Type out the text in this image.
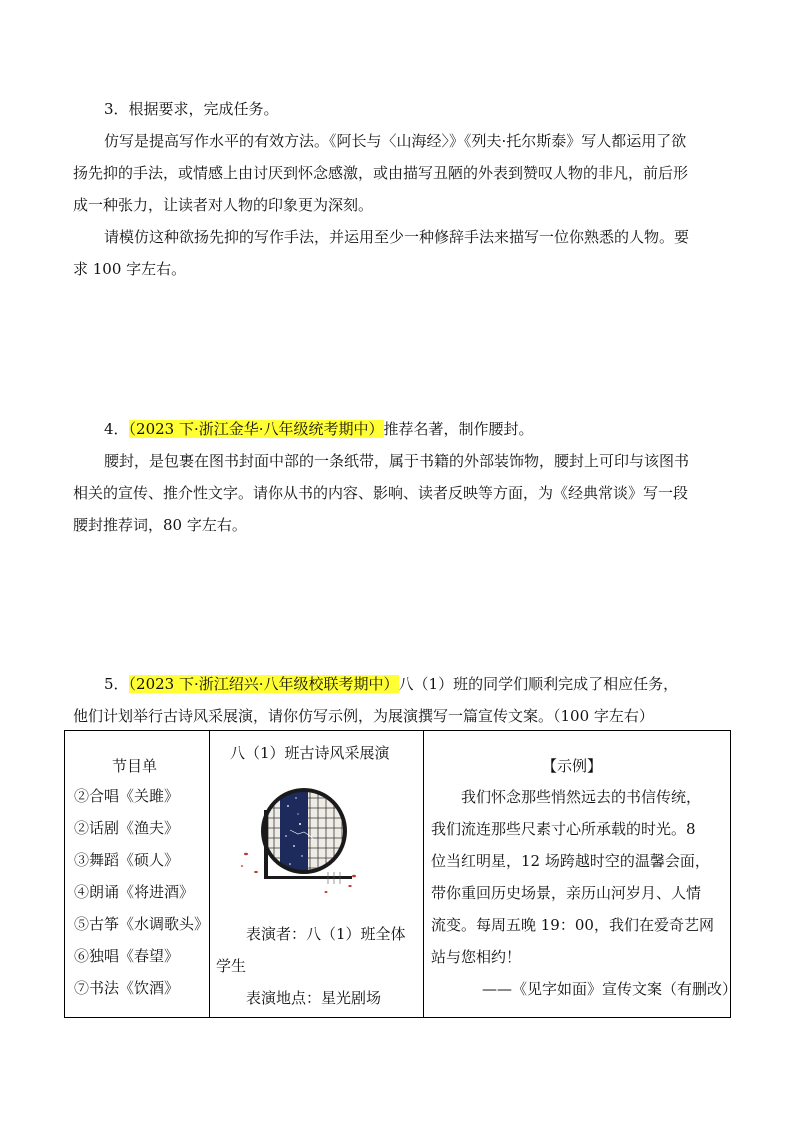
3．根据要求，完成任务。
仿写是提高写作水平的有效方法。《阿长与〈山海经〉》《列夫·托尔斯泰》写人都运用了欲
扬先抑的手法，或情感上由讨厌到怀念感激，或由描写丑陋的外表到赞叹人物的非凡，前后形
成一种张力，让读者对人物的印象更为深刻。
请模仿这种欲扬先抑的写作手法，并运用至少一种修辞手法来描写一位你熟悉的人物。要
求 100 字左右。
4．（2023 下·浙江金华·八年级统考期中）推荐名著，制作腰封。
腰封，是包裹在图书封面中部的一条纸带，属于书籍的外部装饰物，腰封上可印与该图书
相关的宣传、推介性文字。请你从书的内容、影响、读者反映等方面，为《经典常谈》写一段
腰封推荐词，80 字左右。
5．（2023 下·浙江绍兴·八年级校联考期中）八（1）班的同学们顺利完成了相应任务，
他们计划举行古诗风采展演，请你仿写示例，为展演撰写一篇宣传文案。（100 字左右）
节目单
②合唱《关雎》
②话剧《渔夫》
③舞蹈《硕人》
④朗诵《将进酒》
⑤古筝《水调歌头》
⑥独唱《春望》
⑦书法《饮酒》

八（1）班古诗风采展演
表演者：八（1）班全体
学生
表演地点：星光剧场

【示例】
我们怀念那些悄然远去的书信传统，
我们流连那些尺素寸心所承载的时光。8
位当红明星，12 场跨越时空的温馨会面，
带你重回历史场景，亲历山河岁月、人情
流变。每周五晚 19：00，我们在爱奇艺网
站与您相约！
——《见字如面》宣传文案（有删改）
